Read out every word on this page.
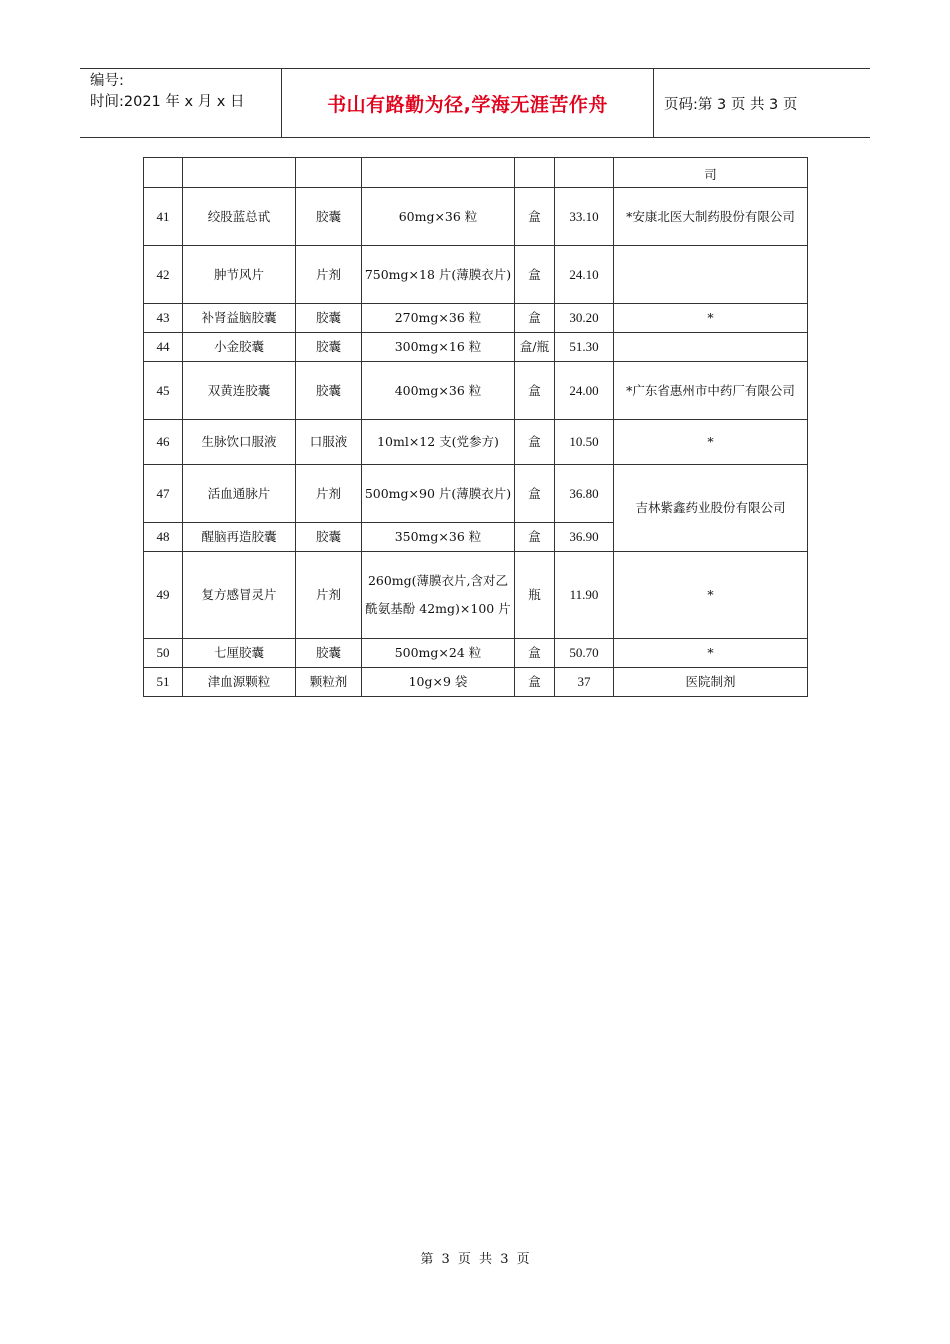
编号:
时间:2021 年 x 月 x 日	书山有路勤为径,学海无涯苦作舟	页码:第 3 页 共 3 页
						司
41	绞股蓝总甙	胶囊	60mg×36 粒	盒	33.10	*安康北医大制药股份有限公司
42	肿节风片	片剂	750mg×18 片(薄膜衣片)	盒	24.10	
43	补肾益脑胶囊	胶囊	270mg×36 粒	盒	30.20	*
44	小金胶囊	胶囊	300mg×16 粒	盒/瓶	51.30	
45	双黄连胶囊	胶囊	400mg×36 粒	盒	24.00	*广东省惠州市中药厂有限公司
46	生脉饮口服液	口服液	10ml×12 支(党参方)	盒	10.50	*
47	活血通脉片	片剂	500mg×90 片(薄膜衣片)	盒	36.80	吉林紫鑫药业股份有限公司
48	醒脑再造胶囊	胶囊	350mg×36 粒	盒	36.90	
49	复方感冒灵片	片剂	260mg(薄膜衣片,含对乙酰氨基酚 42mg)×100 片	瓶	11.90	*
50	七厘胶囊	胶囊	500mg×24 粒	盒	50.70	*
51	津血源颗粒	颗粒剂	10g×9 袋	盒	37	医院制剂
第 3 页 共 3 页
